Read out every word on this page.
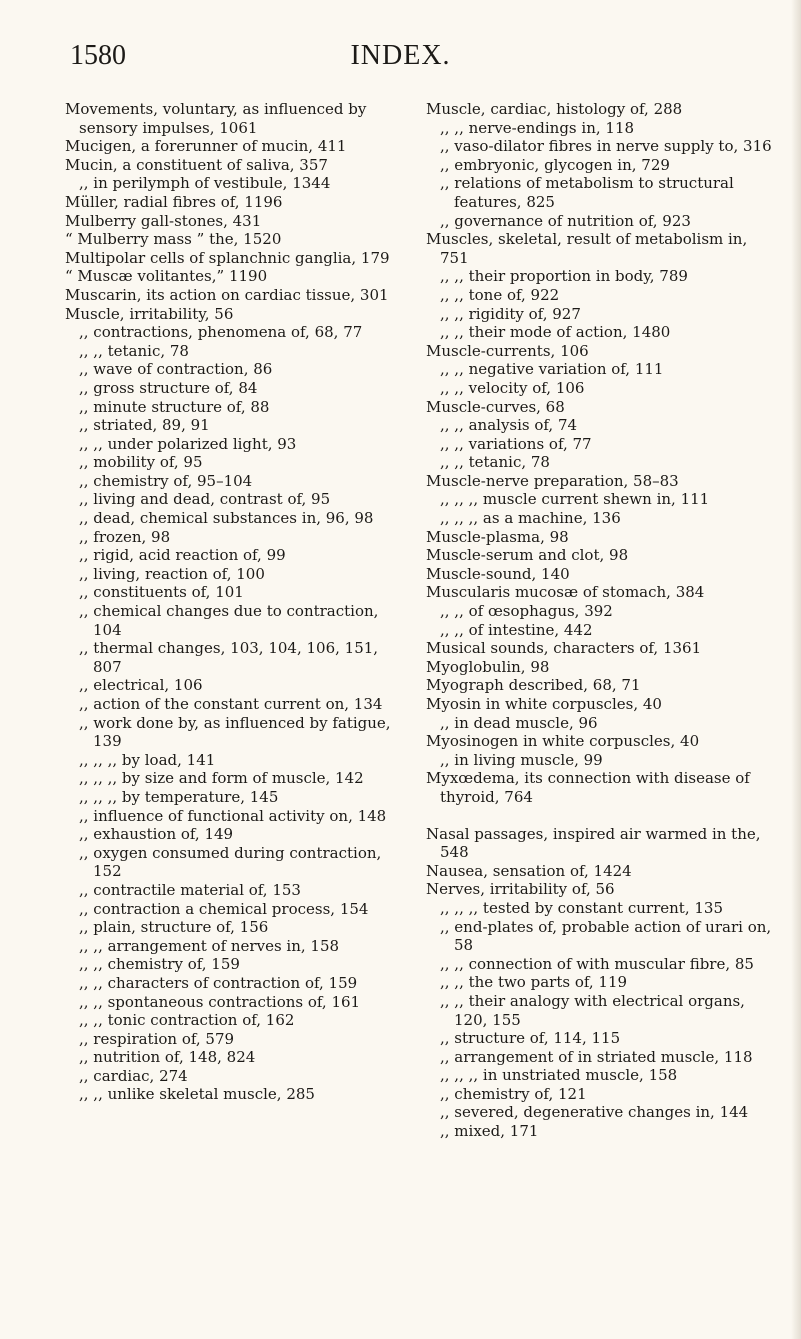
1580	INDEX.

Movements, voluntary, as influenced by sensory impulses, 1061

Mucigen, a forerunner of mucin, 411

Mucin, a constituent of saliva, 357

,, in perilymph of vestibule, 1344

Müller, radial fibres of, 1196

Mulberry gall-stones, 431

“ Mulberry mass ” the, 1520

Multipolar cells of splanchnic ganglia, 179

“ Muscæ volitantes,” 1190

Muscarin, its action on cardiac tissue, 301

Muscle, irritability, 56

,, contractions, phenomena of, 68, 77

,, ,, tetanic, 78

,, wave of contraction, 86

,, gross structure of, 84

,, minute structure of, 88

,, striated, 89, 91

,, ,, under polarized light, 93

,, mobility of, 95

,, chemistry of, 95–104

,, living and dead, contrast of, 95

,, dead, chemical substances in, 96, 98

,, frozen, 98

,, rigid, acid reaction of, 99

,, living, reaction of, 100

,, constituents of, 101

,, chemical changes due to contraction, 104

,, thermal changes, 103, 104, 106, 151, 807

,, electrical, 106

,, action of the constant current on, 134

,, work done by, as influenced by fatigue, 139

,, ,, ,, by load, 141

,, ,, ,, by size and form of muscle, 142

,, ,, ,, by temperature, 145

,, influence of functional activity on, 148

,, exhaustion of, 149

,, oxygen consumed during contraction, 152

,, contractile material of, 153

,, contraction a chemical process, 154

,, plain, structure of, 156

,, ,, arrangement of nerves in, 158

,, ,, chemistry of, 159

,, ,, characters of contraction of, 159

,, ,, spontaneous contractions of, 161

,, ,, tonic contraction of, 162

,, respiration of, 579

,, nutrition of, 148, 824

,, cardiac, 274

,, ,, unlike skeletal muscle, 285

Muscle, cardiac, histology of, 288

,, ,, nerve-endings in, 118

,, vaso-dilator fibres in nerve supply to, 316

,, embryonic, glycogen in, 729

,, relations of metabolism to structural features, 825

,, governance of nutrition of, 923

Muscles, skeletal, result of metabolism in, 751

,, ,, their proportion in body, 789

,, ,, tone of, 922

,, ,, rigidity of, 927

,, ,, their mode of action, 1480

Muscle-currents, 106

,, ,, negative variation of, 111

,, ,, velocity of, 106

Muscle-curves, 68

,, ,, analysis of, 74

,, ,, variations of, 77

,, ,, tetanic, 78

Muscle-nerve preparation, 58–83

,, ,, ,, muscle current shewn in, 111

,, ,, ,, as a machine, 136

Muscle-plasma, 98

Muscle-serum and clot, 98

Muscle-sound, 140

Muscularis mucosæ of stomach, 384

,, ,, of œsophagus, 392

,, ,, of intestine, 442

Musical sounds, characters of, 1361

Myoglobulin, 98

Myograph described, 68, 71

Myosin in white corpuscles, 40

,, in dead muscle, 96

Myosinogen in white corpuscles, 40

,, in living muscle, 99

Myxœdema, its connection with disease of thyroid, 764

Nasal passages, inspired air warmed in the, 548

Nausea, sensation of, 1424

Nerves, irritability of, 56

,, ,, ,, tested by constant current, 135

,, end-plates of, probable action of urari on, 58

,, ,, connection of with muscular fibre, 85

,, ,, the two parts of, 119

,, ,, their analogy with electrical organs, 120, 155

,, structure of, 114, 115

,, arrangement of in striated muscle, 118

,, ,, ,, in unstriated muscle, 158

,, chemistry of, 121

,, severed, degenerative changes in, 144

,, mixed, 171
